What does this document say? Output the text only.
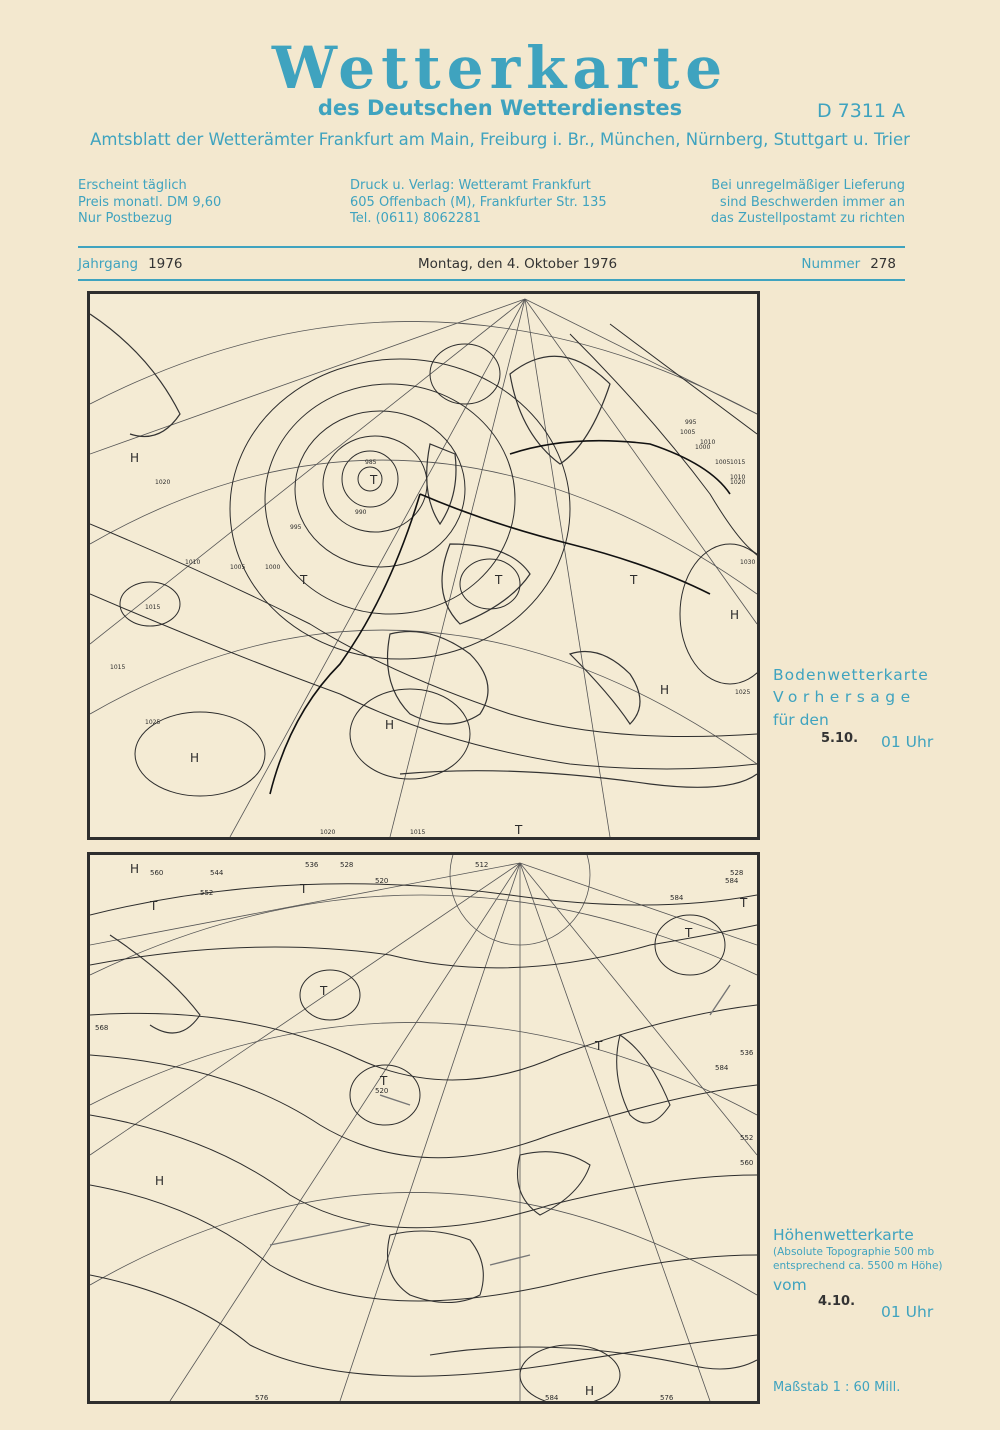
Wetterkarte
des Deutschen Wetterdienstes	D 7311 A
Amtsblatt der Wetterämter Frankfurt am Main, Freiburg i. Br., München, Nürnberg, Stuttgart u. Trier
Erscheint täglich
Preis monatl. DM 9,60
Nur Postbezug
Druck u. Verlag: Wetteramt Frankfurt
605 Offenbach (M), Frankfurter Str. 135
Tel. (0611) 8062281
Bei unregelmäßiger Lieferung
sind Beschwerden immer an
das Zustellpostamt zu richten
Jahrgang 1976	Montag, den 4. Oktober 1976	Nummer 278
H
H
H
H
H
T
T	T	T
T
1020
1015
1010
1005	1000
995
990
985
1005
1010
1015
1020
1025
1025
1020	1015
1030
995
1000
1005
1010
1015	Bodenwetterkarte
Vorhersage
für den
5.10. 01 Uhr
H
H
H
T
T
T
T
T
T
T
512
520
528
536
544
552
560
568
576	584	576
584
584
584
520
528
536
552
560
Höhenwetterkarte
(Absolute Topographie 500 mb
entsprechend ca. 5500 m Höhe)
vom
4.10.
01 Uhr
Maßstab 1 : 60 Mill.
